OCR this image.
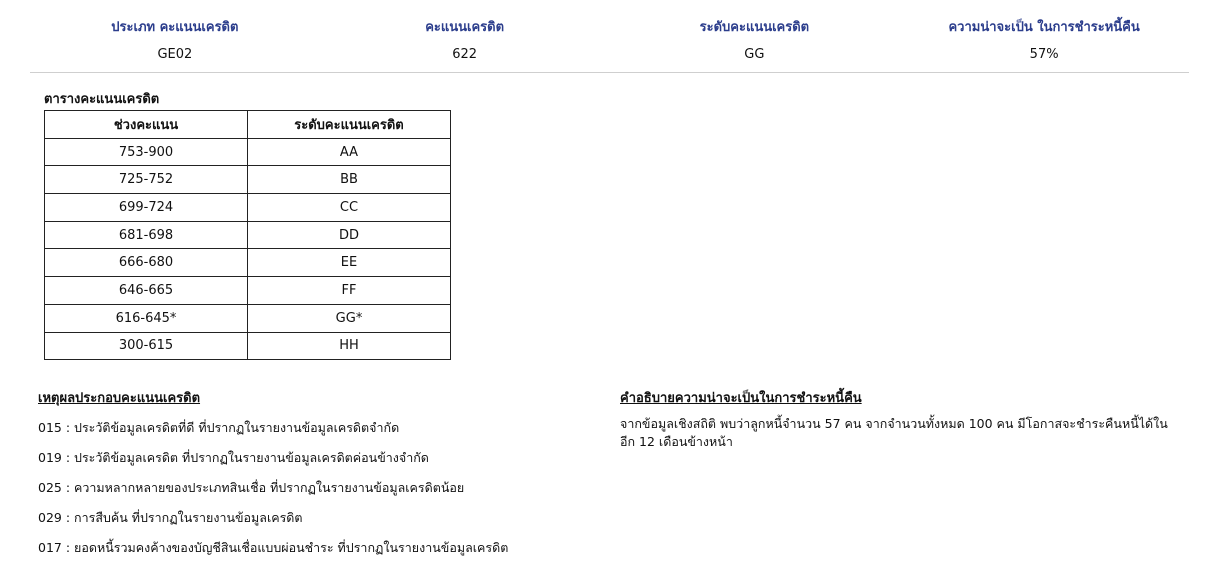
ประเภท คะแนนเครดิต	คะแนนเครดิต	ระดับคะแนนเครดิต	ความน่าจะเป็น ในการชำระหนี้คืน
GE02	622	GG	57%
ตารางคะแนนเครดิต
ช่วงคะแนน	ระดับคะแนนเครดิต
753-900	AA
725-752	BB
699-724	CC
681-698	DD
666-680	EE
646-665	FF
616-645*	GG*
300-615	HH
เหตุผลประกอบคะแนนเครดิต
015 : ประวัติข้อมูลเครดิตที่ดี ที่ปรากฏในรายงานข้อมูลเครดิตจำกัด
019 : ประวัติข้อมูลเครดิต ที่ปรากฏในรายงานข้อมูลเครดิตค่อนข้างจำกัด
025 : ความหลากหลายของประเภทสินเชื่อ ที่ปรากฏในรายงานข้อมูลเครดิตน้อย
029 : การสืบค้น ที่ปรากฏในรายงานข้อมูลเครดิต
017 : ยอดหนี้รวมคงค้างของบัญชีสินเชื่อแบบผ่อนชำระ ที่ปรากฏในรายงานข้อมูลเครดิต
คำอธิบายความน่าจะเป็นในการชำระหนี้คืน
จากข้อมูลเชิงสถิติ พบว่าลูกหนี้จำนวน 57 คน จากจำนวนทั้งหมด 100 คน มีโอกาสจะชำระคืนหนี้ได้ในอีก 12 เดือนข้างหน้า
